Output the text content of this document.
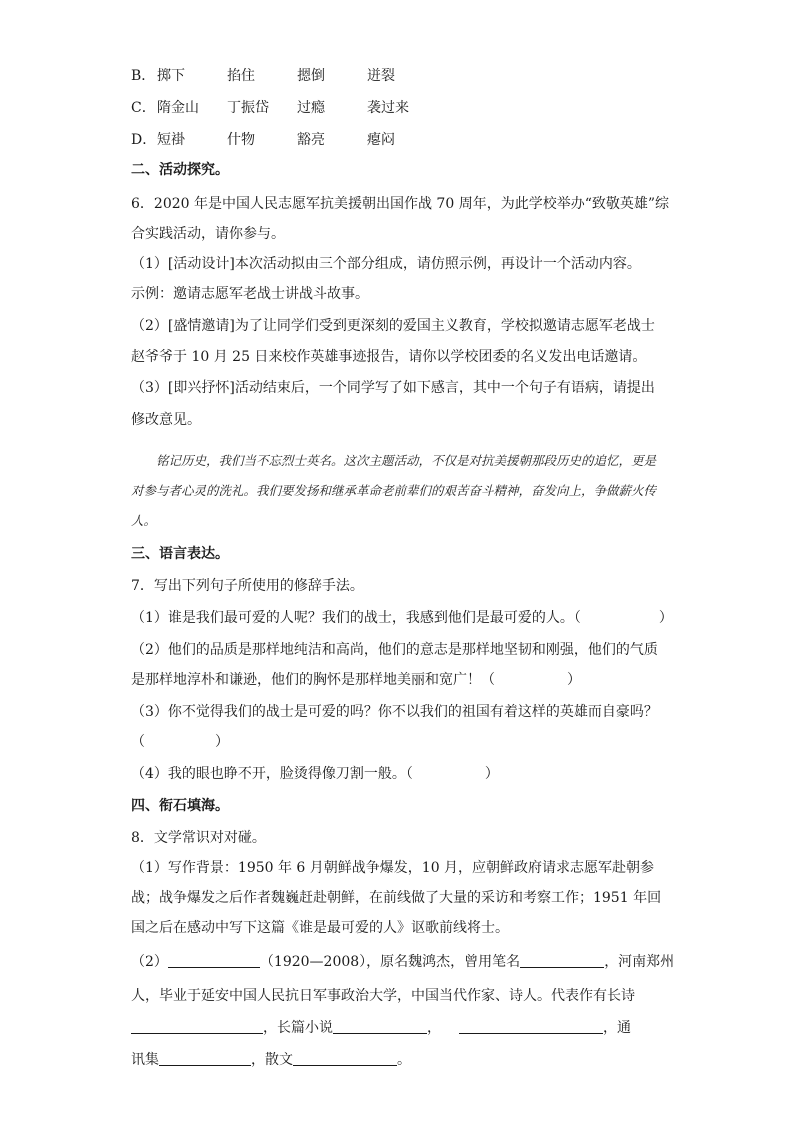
B． 掷下	掐住	摁倒	迸裂
C．隋金山 丁振岱 过瘾	袭过来
D．短褂	什物	豁亮	瘪闷
二、活动探究。
6．2020 年是中国人民志愿军抗美援朝出国作战 70 周年，为此学校举办“致敬英雄”综
合实践活动，请你参与。
（1）[活动设计]本次活动拟由三个部分组成，请仿照示例，再设计一个活动内容。
示例：邀请志愿军老战士讲战斗故事。
（2）[盛情邀请]为了让同学们受到更深刻的爱国主义教育，学校拟邀请志愿军老战士
赵爷爷于 10 月 25 日来校作英雄事迹报告，请你以学校团委的名义发出电话邀请。
（3）[即兴抒怀]活动结束后，一个同学写了如下感言，其中一个句子有语病，请提出
修改意见。
铭记历史，我们当不忘烈士英名。这次主题活动，不仅是对抗美援朝那段历史的追忆，更是对参与者心灵的洗礼。我们要发扬和继承革命老前辈们的艰苦奋斗精神，奋发向上，争做薪火传人。
三、语言表达。
7．写出下列句子所使用的修辞手法。
（1）谁是我们最可爱的人呢？我们的战士，我感到他们是最可爱的人。（	）
（2）他们的品质是那样地纯洁和高尚，他们的意志是那样地坚韧和刚强，他们的气质
是那样地淳朴和谦逊，他们的胸怀是那样地美丽和宽广！（	）
（3）你不觉得我们的战士是可爱的吗？你不以我们的祖国有着这样的英雄而自豪吗？
（	）
（4）我的眼也睁不开，脸烫得像刀割一般。（	）
四、衔石填海。
8．文学常识对对碰。
（1）写作背景：1950 年 6 月朝鲜战争爆发，10 月，应朝鲜政府请求志愿军赴朝参
战；战争爆发之后作者魏巍赶赴朝鲜，在前线做了大量的采访和考察工作；1951 年回
国之后在感动中写下这篇《谁是最可爱的人》讴歌前线将士。
（2）	（1920—2008），原名魏鸿杰，曾用笔名	，河南郑州
人，毕业于延安中国人民抗日军事政治大学，中国当代作家、诗人。代表作有长诗
，长篇小说	，	，通
讯集	，散文	。
